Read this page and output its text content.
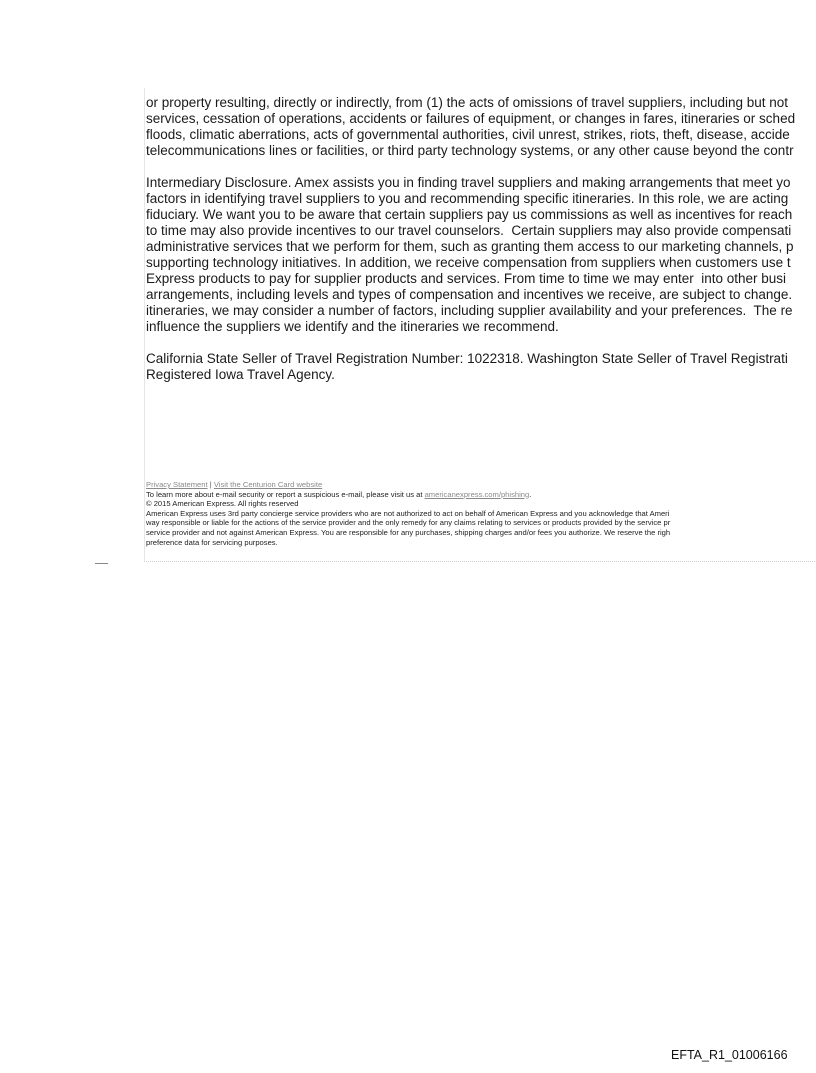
or property resulting, directly or indirectly, from (1) the acts of omissions of travel suppliers, including but not
services, cessation of operations, accidents or failures of equipment, or changes in fares, itineraries or sched
floods, climatic aberrations, acts of governmental authorities, civil unrest, strikes, riots, theft, disease, accide
telecommunications lines or facilities, or third party technology systems, or any other cause beyond the contr

Intermediary Disclosure. Amex assists you in finding travel suppliers and making arrangements that meet yo
factors in identifying travel suppliers to you and recommending specific itineraries. In this role, we are acting
fiduciary. We want you to be aware that certain suppliers pay us commissions as well as incentives for reach
to time may also provide incentives to our travel counselors.  Certain suppliers may also provide compensati
administrative services that we perform for them, such as granting them access to our marketing channels, p
supporting technology initiatives. In addition, we receive compensation from suppliers when customers use t
Express products to pay for supplier products and services. From time to time we may enter  into other busi
arrangements, including levels and types of compensation and incentives we receive, are subject to change.
itineraries, we may consider a number of factors, including supplier availability and your preferences.  The re
influence the suppliers we identify and the itineraries we recommend.

California State Seller of Travel Registration Number: 1022318. Washington State Seller of Travel Registrati
Registered Iowa Travel Agency.

Privacy Statement | Visit the Centurion Card website
To learn more about e-mail security or report a suspicious e-mail, please visit us at americanexpress.com/phishing.
© 2015 American Express. All rights reserved
American Express uses 3rd party concierge service providers who are not authorized to act on behalf of American Express and you acknowledge that Ameri
way responsible or liable for the actions of the service provider and the only remedy for any claims relating to services or products provided by the service pr
service provider and not against American Express. You are responsible for any purchases, shipping charges and/or fees you authorize. We reserve the righ
preference data for servicing purposes.
EFTA_R1_01006166
